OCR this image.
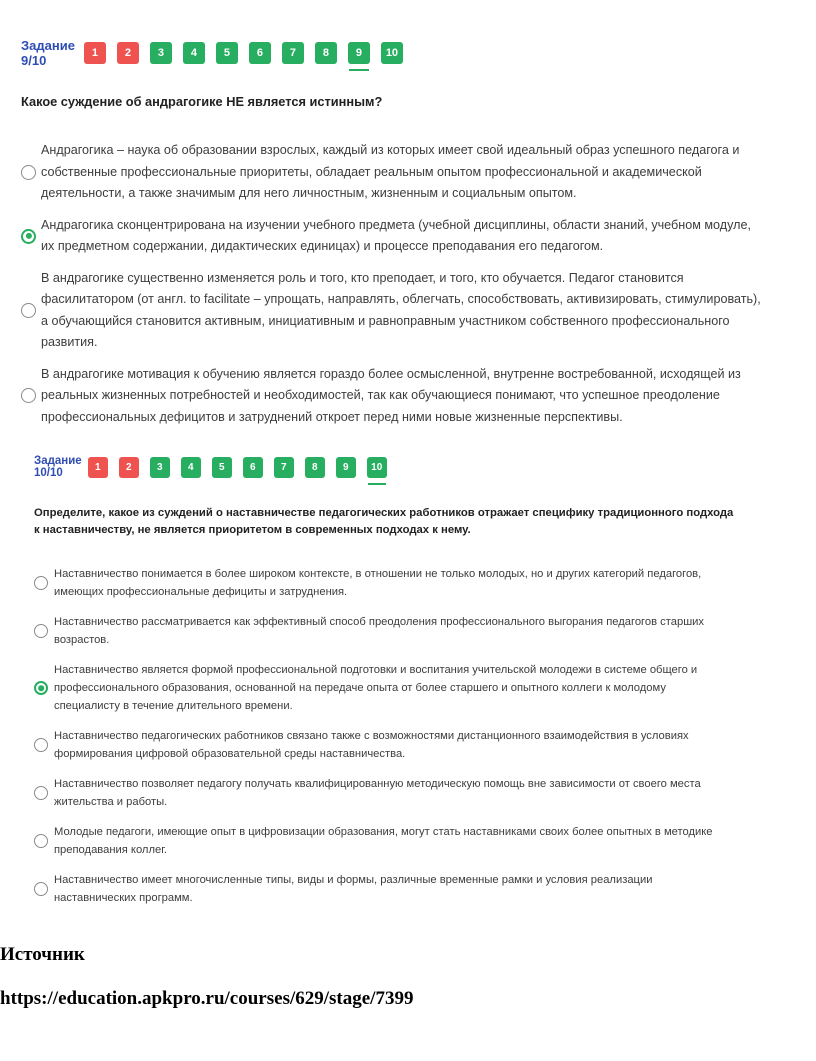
Задание 9/10	1	2	3	4	5	6	7	8	9	10
Какое суждение об андрагогике НЕ является истинным?
Андрагогика – наука об образовании взрослых, каждый из которых имеет свой идеальный образ успешного педагога и собственные профессиональные приоритеты, обладает реальным опытом профессиональной и академической деятельности, а также значимым для него личностным, жизненным и социальным опытом.
Андрагогика сконцентрирована на изучении учебного предмета (учебной дисциплины, области знаний, учебном модуле, их предметном содержании, дидактических единицах) и процессе преподавания его педагогом.
В андрагогике существенно изменяется роль и того, кто преподает, и того, кто обучается. Педагог становится фасилитатором (от англ. to facilitate – упрощать, направлять, облегчать, способствовать, активизировать, стимулировать), а обучающийся становится активным, инициативным и равноправным участником собственного профессионального развития.
В андрагогике мотивация к обучению является гораздо более осмысленной, внутренне востребованной, исходящей из реальных жизненных потребностей и необходимостей, так как обучающиеся понимают, что успешное преодоление профессиональных дефицитов и затруднений откроет перед ними новые жизненные перспективы.
Задание 10/10	1	2	3	4	5	6	7	8	9	10
Определите, какое из суждений о наставничестве педагогических работников отражает специфику традиционного подхода к наставничеству, не является приоритетом в современных подходах к нему.
Наставничество понимается в более широком контексте, в отношении не только молодых, но и других категорий педагогов, имеющих профессиональные дефициты и затруднения.
Наставничество рассматривается как эффективный способ преодоления профессионального выгорания педагогов старших возрастов.
Наставничество является формой профессиональной подготовки и воспитания учительской молодежи в системе общего и профессионального образования, основанной на передаче опыта от более старшего и опытного коллеги к молодому специалисту в течение длительного времени.
Наставничество педагогических работников связано также с возможностями дистанционного взаимодействия в условиях формирования цифровой образовательной среды наставничества.
Наставничество позволяет педагогу получать квалифицированную методическую помощь вне зависимости от своего места жительства и работы.
Молодые педагоги, имеющие опыт в цифровизации образования, могут стать наставниками своих более опытных в методике преподавания коллег.
Наставничество имеет многочисленные типы, виды и формы, различные временные рамки и условия реализации наставнических программ.
Источник
https://education.apkpro.ru/courses/629/stage/7399
